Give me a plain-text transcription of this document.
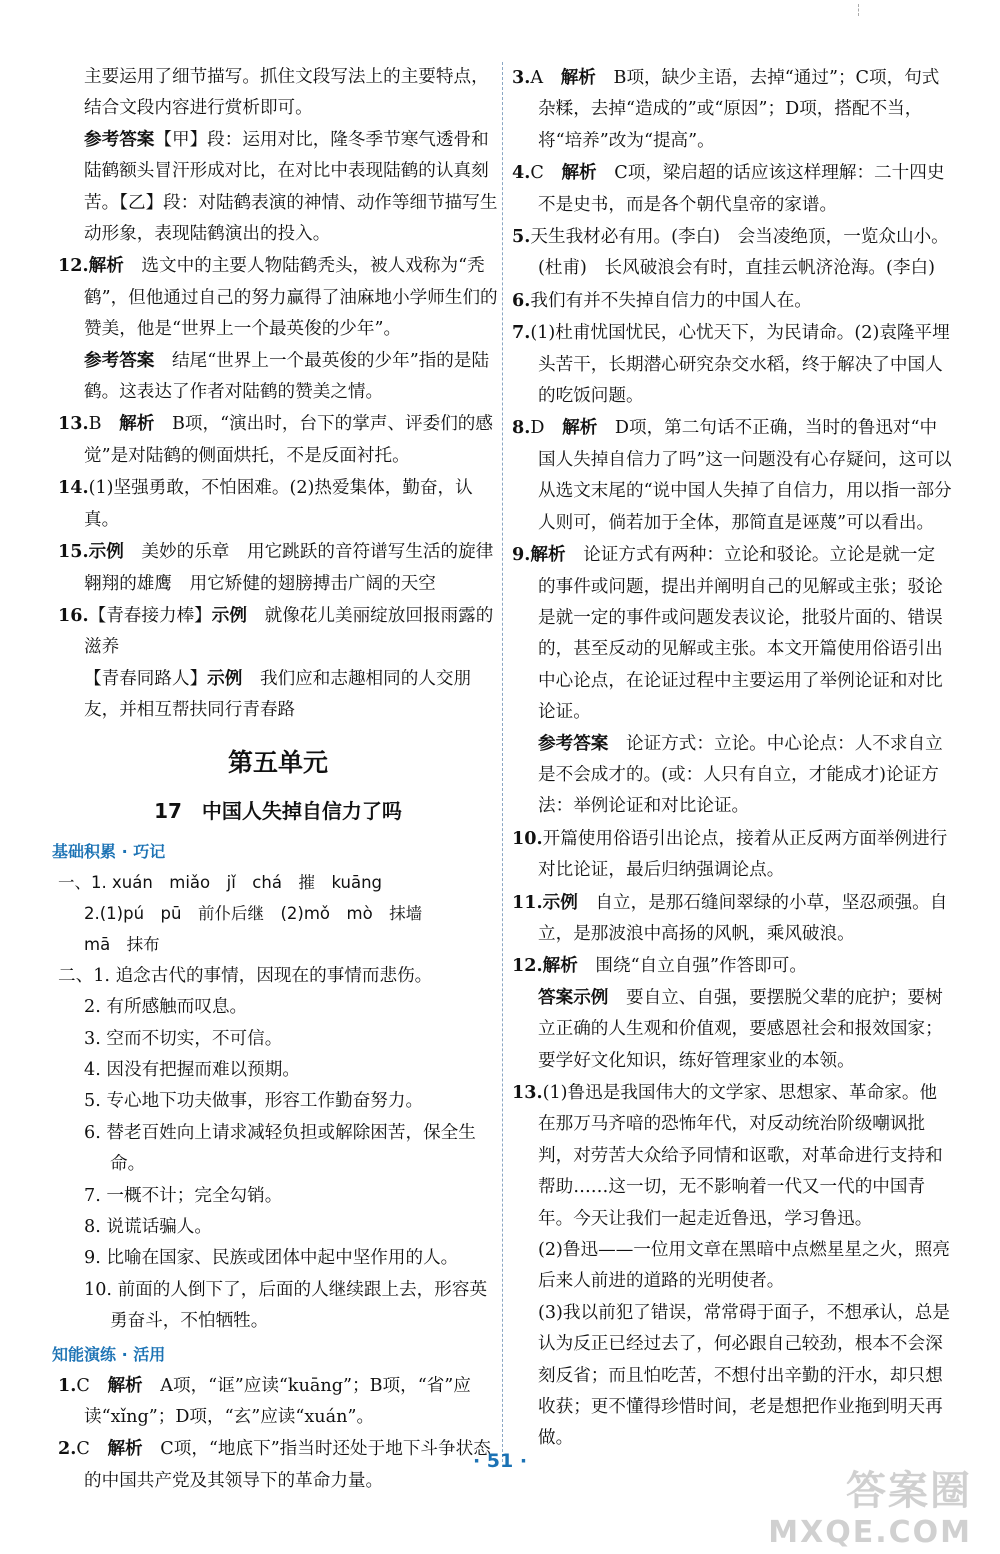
主要运用了细节描写。抓住文段写法上的主要特点，结合文段内容进行赏析即可。

参考答案【甲】段：运用对比，隆冬季节寒气透骨和陆鹤额头冒汗形成对比，在对比中表现陆鹤的认真刻苦。【乙】段：对陆鹤表演的神情、动作等细节描写生动形象，表现陆鹤演出的投入。

12.解析　 选文中的主要人物陆鹤秃头，被人戏称为“秃鹤”，但他通过自己的努力赢得了油麻地小学师生们的赞美，他是“世界上一个最英俊的少年”。
参考答案　 结尾“世界上一个最英俊的少年”指的是陆鹤。这表达了作者对陆鹤的赞美之情。
13.B　 解析　 B项，“演出时，台下的掌声、评委们的感觉”是对陆鹤的侧面烘托，不是反面衬托。
14.(1)坚强勇敢，不怕困难。(2)热爱集体，勤奋，认真。
15.示例　 美妙的乐章　用它跳跃的音符谱写生活的旋律　翱翔的雄鹰　用它矫健的翅膀搏击广阔的天空
16.【青春接力棒】示例　 就像花儿美丽绽放回报雨露的滋养
【青春同路人】示例　 我们应和志趣相同的人交朋友，并相互帮扶同行青春路
第五单元
17　中国人失掉自信力了吗
基础积累 · 巧记
一、1. xuán　miǎo　jǐ　chá　摧　kuāng
2.(1)pú　pū　前仆后继　(2)mǒ　mò　抹墙
mā　抹布
二、1. 追念古代的事情，因现在的事情而悲伤。
2. 有所感触而叹息。
3. 空而不切实，不可信。
4. 因没有把握而难以预期。
5. 专心地下功夫做事，形容工作勤奋努力。
6. 替老百姓向上请求减轻负担或解除困苦，保全生命。
7. 一概不计；完全勾销。
8. 说谎话骗人。
9. 比喻在国家、民族或团体中起中坚作用的人。
10. 前面的人倒下了，后面的人继续跟上去，形容英勇奋斗，不怕牺牲。
知能演练 · 活用
1.C　 解析　 A项，“诓”应读“kuāng”；B项，“省”应读“xǐng”；D项，“玄”应读“xuán”。
2.C　 解析　 C项，“地底下”指当时还处于地下斗争状态的中国共产党及其领导下的革命力量。
3.A　 解析　 B项，缺少主语，去掉“通过”；C项，句式杂糅，去掉“造成的”或“原因”；D项，搭配不当，将“培养”改为“提高”。
4.C　 解析　 C项，梁启超的话应该这样理解：二十四史不是史书，而是各个朝代皇帝的家谱。
5.天生我材必有用。(李白)　会当凌绝顶，一览众山小。(杜甫)　长风破浪会有时，直挂云帆济沧海。(李白)
6.我们有并不失掉自信力的中国人在。
7.(1)杜甫忧国忧民，心忧天下，为民请命。(2)袁隆平埋头苦干，长期潜心研究杂交水稻，终于解决了中国人的吃饭问题。
8.D　 解析　 D项，第二句话不正确，当时的鲁迅对“中国人失掉自信力了吗”这一问题没有心存疑问，这可以从选文末尾的“说中国人失掉了自信力，用以指一部分人则可，倘若加于全体，那简直是诬蔑”可以看出。
9.解析　 论证方式有两种：立论和驳论。立论是就一定的事件或问题，提出并阐明自己的见解或主张；驳论是就一定的事件或问题发表议论，批驳片面的、错误的，甚至反动的见解或主张。本文开篇使用俗语引出中心论点，在论证过程中主要运用了举例论证和对比论证。
参考答案　 论证方式：立论。中心论点：人不求自立是不会成才的。(或：人只有自立，才能成才)论证方法：举例论证和对比论证。
10.开篇使用俗语引出论点，接着从正反两方面举例进行对比论证，最后归纳强调论点。
11.示例　 自立，是那石缝间翠绿的小草，坚忍顽强。自立，是那波浪中高扬的风帆，乘风破浪。
12.解析　 围绕“自立自强”作答即可。
答案示例　 要自立、自强，要摆脱父辈的庇护；要树立正确的人生观和价值观，要感恩社会和报效国家；要学好文化知识，练好管理家业的本领。
13.(1)鲁迅是我国伟大的文学家、思想家、革命家。他在那万马齐喑的恐怖年代，对反动统治阶级嘲讽批判，对劳苦大众给予同情和讴歌，对革命进行支持和帮助……这一切，无不影响着一代又一代的中国青年。今天让我们一起走近鲁迅，学习鲁迅。
(2)鲁迅——一位用文章在黑暗中点燃星星之火，照亮后来人前进的道路的光明使者。
(3)我以前犯了错误，常常碍于面子，不想承认，总是认为反正已经过去了，何必跟自己较劲，根本不会深刻反省；而且怕吃苦，不想付出辛勤的汗水，却只想收获；更不懂得珍惜时间，老是想把作业拖到明天再做。
· 51 ·
答案圈
MXQE.COM
